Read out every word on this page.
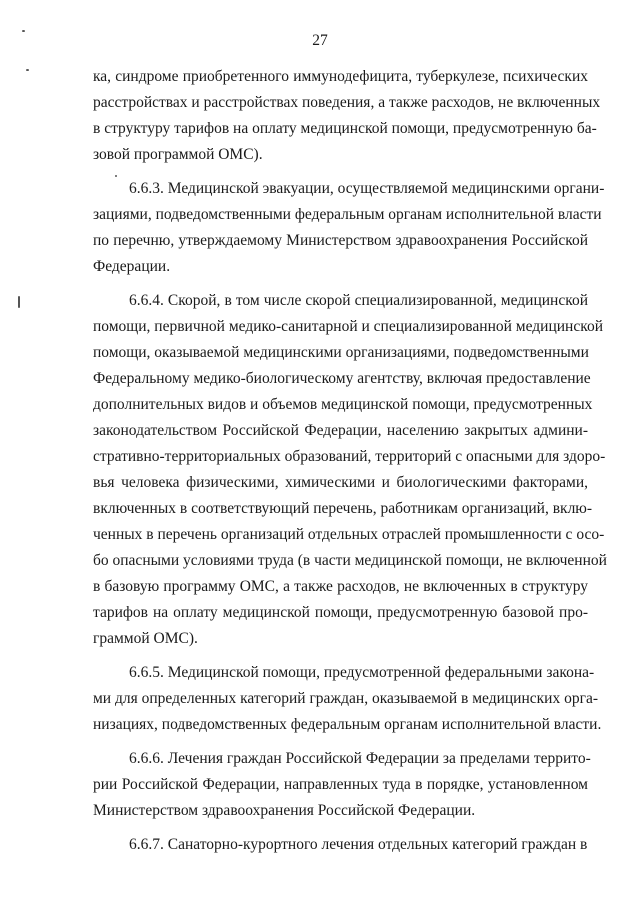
27
ка, синдроме приобретенного иммунодефицита, туберкулезе, психических
расстройствах и расстройствах поведения, а также расходов, не включенных
в структуру тарифов на оплату медицинской помощи, предусмотренную ба-
зовой программой ОМС).
6.6.3. Медицинской эвакуации, осуществляемой медицинскими органи-
зациями, подведомственными федеральным органам исполнительной власти
по перечню, утверждаемому Министерством здравоохранения Российской
Федерации.
6.6.4. Скорой, в том числе скорой специализированной, медицинской
помощи, первичной медико-санитарной и специализированной медицинской
помощи, оказываемой медицинскими организациями, подведомственными
Федеральному медико-биологическому агентству, включая предоставление
дополнительных видов и объемов медицинской помощи, предусмотренных
законодательством Российской Федерации, населению закрытых админи-
стративно-территориальных образований, территорий с опасными для здоро-
вья человека физическими, химическими и биологическими факторами,
включенных в соответствующий перечень, работникам организаций, вклю-
ченных в перечень организаций отдельных отраслей промышленности с осо-
бо опасными условиями труда (в части медицинской помощи, не включенной
в базовую программу ОМС, а также расходов, не включенных в структуру
тарифов на оплату медицинской помощи, предусмотренную базовой про-
граммой ОМС).
6.6.5. Медицинской помощи, предусмотренной федеральными закона-
ми для определенных категорий граждан, оказываемой в медицинских орга-
низациях, подведомственных федеральным органам исполнительной власти.
6.6.6. Лечения граждан Российской Федерации за пределами террито-
рии Российской Федерации, направленных туда в порядке, установленном
Министерством здравоохранения Российской Федерации.
6.6.7. Санаторно-курортного лечения отдельных категорий граждан в
